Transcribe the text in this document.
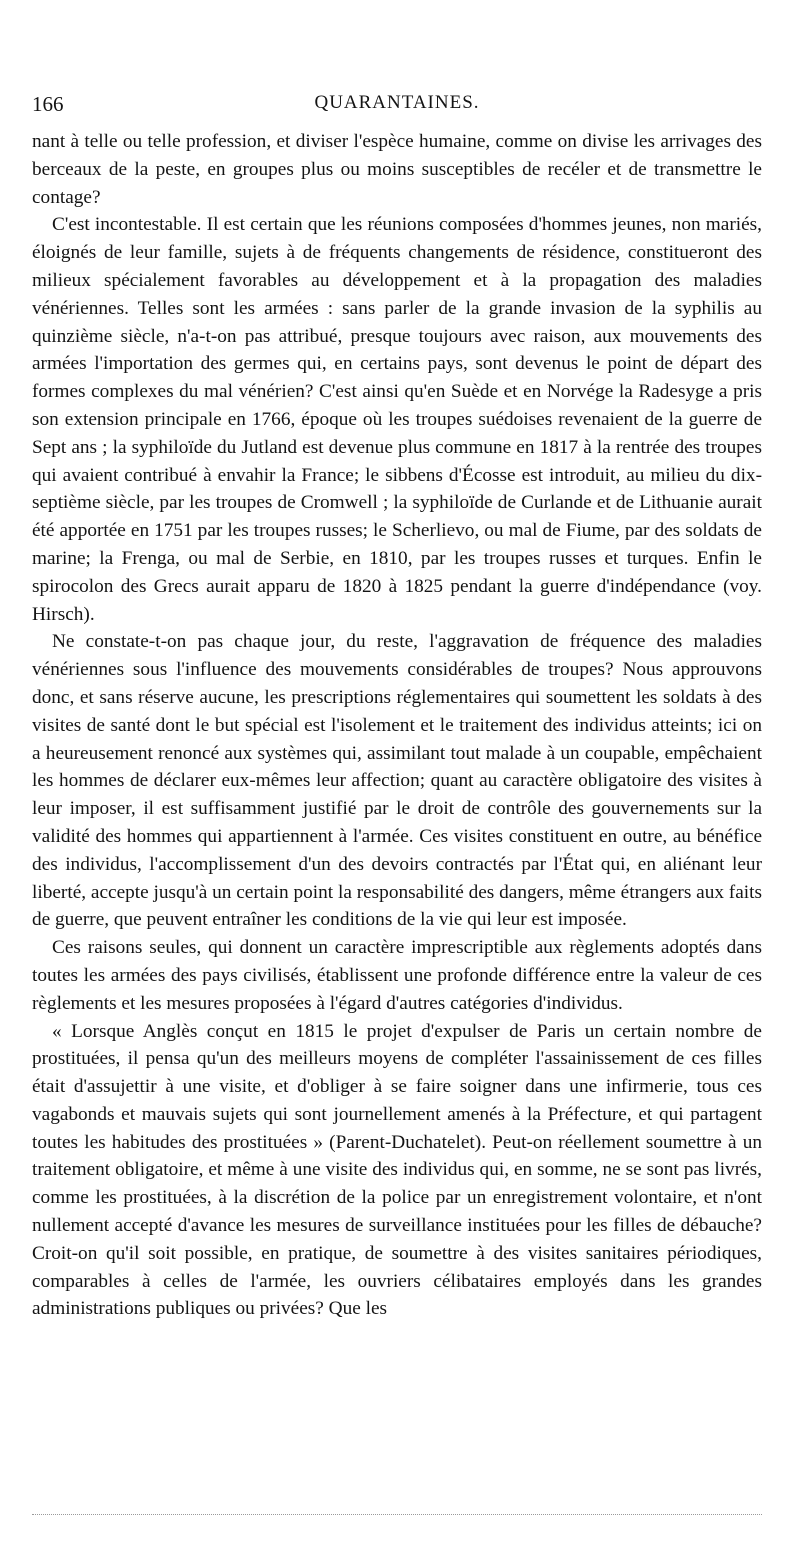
166	QUARANTAINES.

nant à telle ou telle profession, et diviser l'espèce humaine, comme on divise les arrivages des berceaux de la peste, en groupes plus ou moins susceptibles de recéler et de transmettre le contage?

C'est incontestable. Il est certain que les réunions composées d'hommes jeunes, non mariés, éloignés de leur famille, sujets à de fréquents changements de résidence, constitueront des milieux spécialement favorables au développement et à la propagation des maladies vénériennes. Telles sont les armées : sans parler de la grande invasion de la syphilis au quinzième siècle, n'a-t-on pas attribué, presque toujours avec raison, aux mouvements des armées l'importation des germes qui, en certains pays, sont devenus le point de départ des formes complexes du mal vénérien? C'est ainsi qu'en Suède et en Norvége la Radesyge a pris son extension principale en 1766, époque où les troupes suédoises revenaient de la guerre de Sept ans ; la syphiloïde du Jutland est devenue plus commune en 1817 à la rentrée des troupes qui avaient contribué à envahir la France; le sibbens d'Écosse est introduit, au milieu du dix-septième siècle, par les troupes de Cromwell ; la syphiloïde de Curlande et de Lithuanie aurait été apportée en 1751 par les troupes russes; le Scherlievo, ou mal de Fiume, par des soldats de marine; la Frenga, ou mal de Serbie, en 1810, par les troupes russes et turques. Enfin le spirocolon des Grecs aurait apparu de 1820 à 1825 pendant la guerre d'indépendance (voy. Hirsch).

Ne constate-t-on pas chaque jour, du reste, l'aggravation de fréquence des maladies vénériennes sous l'influence des mouvements considérables de troupes? Nous approuvons donc, et sans réserve aucune, les prescriptions réglementaires qui soumettent les soldats à des visites de santé dont le but spécial est l'isolement et le traitement des individus atteints; ici on a heureusement renoncé aux systèmes qui, assimilant tout malade à un coupable, empêchaient les hommes de déclarer eux-mêmes leur affection; quant au caractère obligatoire des visites à leur imposer, il est suffisamment justifié par le droit de contrôle des gouvernements sur la validité des hommes qui appartiennent à l'armée. Ces visites constituent en outre, au bénéfice des individus, l'accomplissement d'un des devoirs contractés par l'État qui, en aliénant leur liberté, accepte jusqu'à un certain point la responsabilité des dangers, même étrangers aux faits de guerre, que peuvent entraîner les conditions de la vie qui leur est imposée.

Ces raisons seules, qui donnent un caractère imprescriptible aux règlements adoptés dans toutes les armées des pays civilisés, établissent une profonde différence entre la valeur de ces règlements et les mesures proposées à l'égard d'autres catégories d'individus.

« Lorsque Anglès conçut en 1815 le projet d'expulser de Paris un certain nombre de prostituées, il pensa qu'un des meilleurs moyens de compléter l'assainissement de ces filles était d'assujettir à une visite, et d'obliger à se faire soigner dans une infirmerie, tous ces vagabonds et mauvais sujets qui sont journellement amenés à la Préfecture, et qui partagent toutes les habitudes des prostituées » (Parent-Duchatelet). Peut-on réellement soumettre à un traitement obligatoire, et même à une visite des individus qui, en somme, ne se sont pas livrés, comme les prostituées, à la discrétion de la police par un enregistrement volontaire, et n'ont nullement accepté d'avance les mesures de surveillance instituées pour les filles de débauche? Croit-on qu'il soit possible, en pratique, de soumettre à des visites sanitaires périodiques, comparables à celles de l'armée, les ouvriers célibataires employés dans les grandes administrations publiques ou privées? Que les
